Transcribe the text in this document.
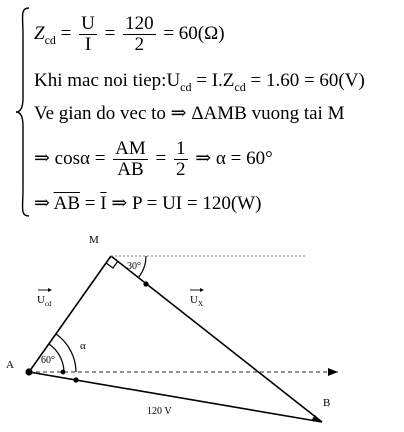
$Z_{cd} = \frac{U}{I} = \frac{120}{2} = 60(\Omega)$
Khi mac noi $tiep:U_{cd} = I.Z_{cd} = 1.60 = 60(V)$
Ve gian do vec to ⇒ ΔAMB vuong tai M
⇒ $\cos\alpha = \frac{AM}{AB} = \frac{1}{2}$ ⇒ α = 60°
⇒ $\overline{AB} = \overline{I}$ ⇒ P = UI = 120(W)
M
A
B
$U_{cd}$	$U_X$
30°
α
60°
120 V
